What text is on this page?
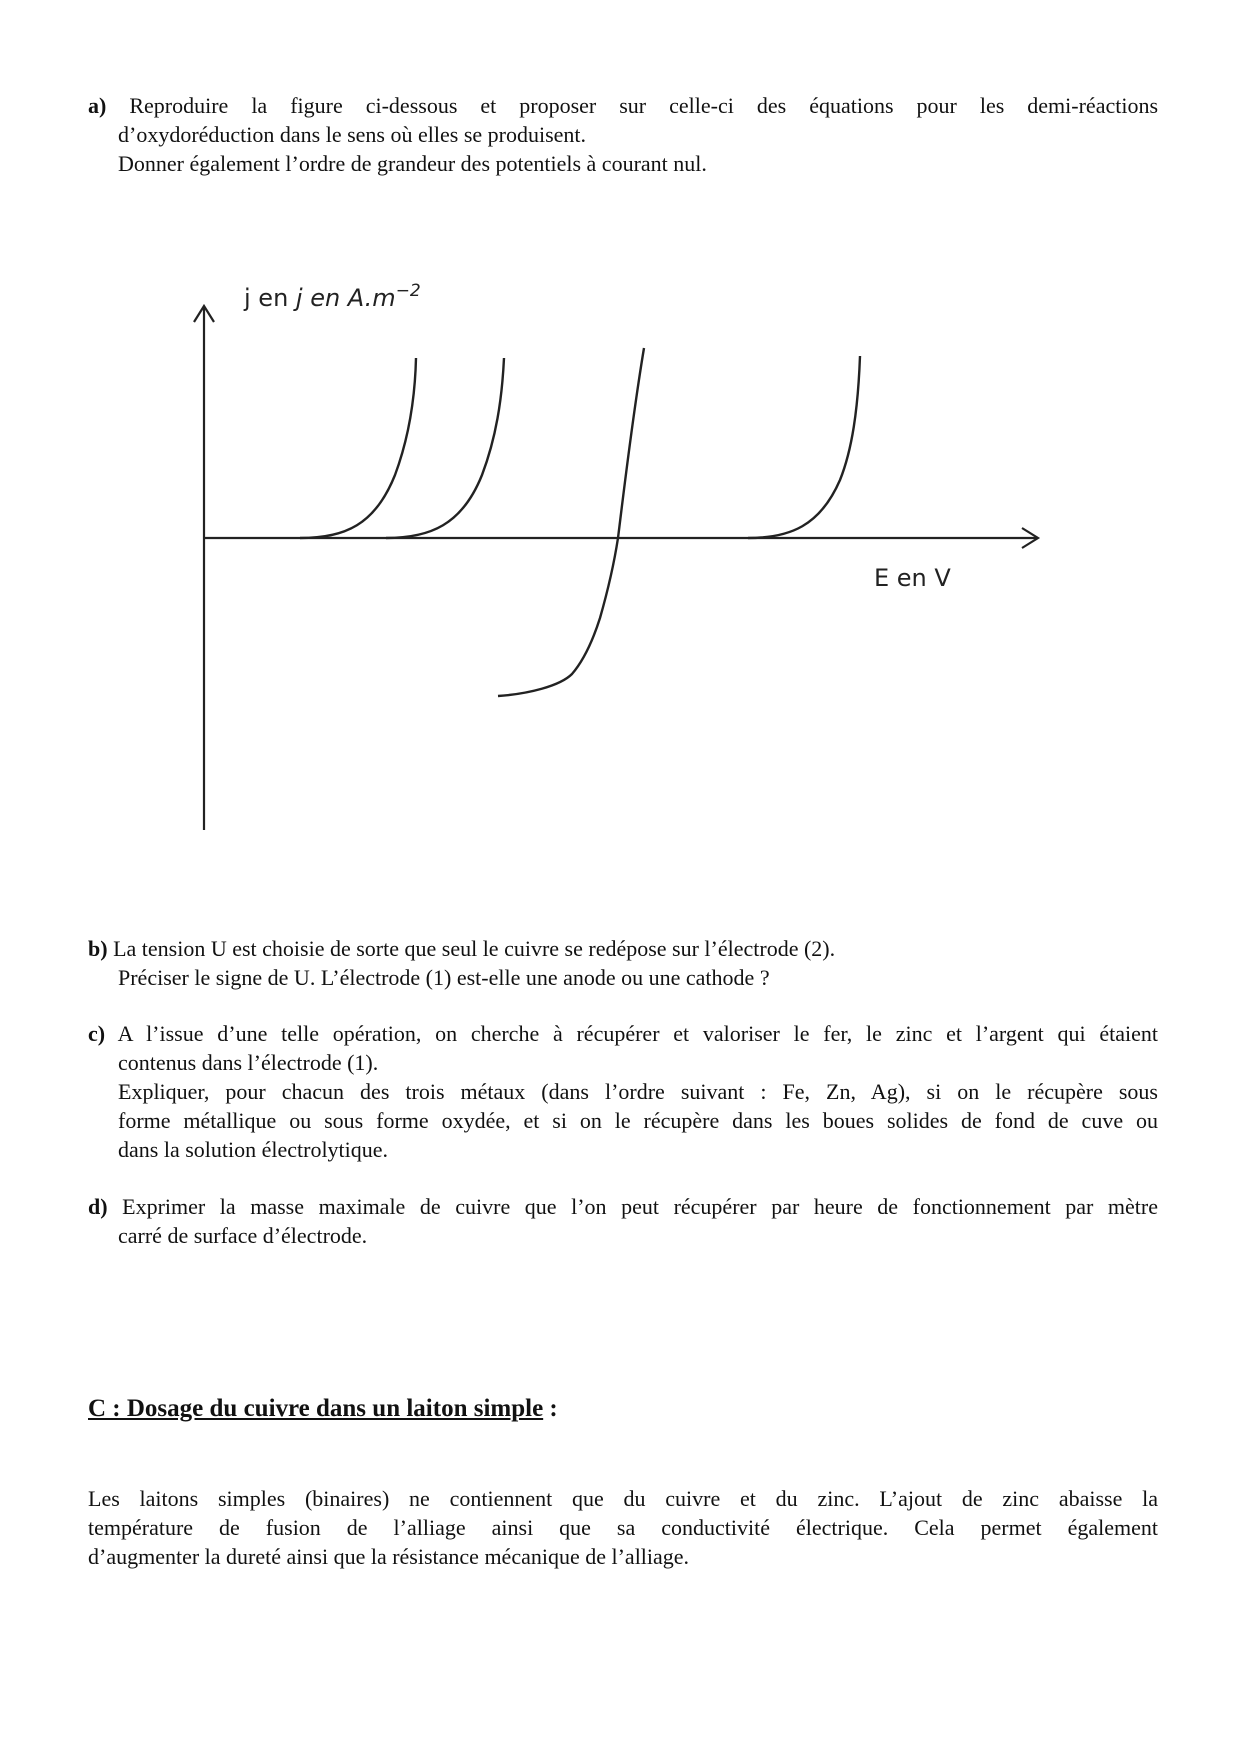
a) Reproduire la figure ci-dessous et proposer sur celle-ci des équations pour les demi-réactions
d’oxydoréduction dans le sens où elles se produisent.
Donner également l’ordre de grandeur des potentiels à courant nul.
j en j en $A.m^{-2}$
E en V
b) La tension U est choisie de sorte que seul le cuivre se redépose sur l’électrode (2).
Préciser le signe de U. L’électrode (1) est-elle une anode ou une cathode ?
c) A l’issue d’une telle opération, on cherche à récupérer et valoriser le fer, le zinc et l’argent qui étaient
contenus dans l’électrode (1).
Expliquer, pour chacun des trois métaux (dans l’ordre suivant : Fe, Zn, Ag), si on le récupère sous
forme métallique ou sous forme oxydée, et si on le récupère dans les boues solides de fond de cuve ou
dans la solution électrolytique.
d) Exprimer la masse maximale de cuivre que l’on peut récupérer par heure de fonctionnement par mètre
carré de surface d’électrode.
C : Dosage du cuivre dans un laiton simple :
Les laitons simples (binaires) ne contiennent que du cuivre et du zinc. L’ajout de zinc abaisse la
température de fusion de l’alliage ainsi que sa conductivité électrique. Cela permet également
d’augmenter la dureté ainsi que la résistance mécanique de l’alliage.
